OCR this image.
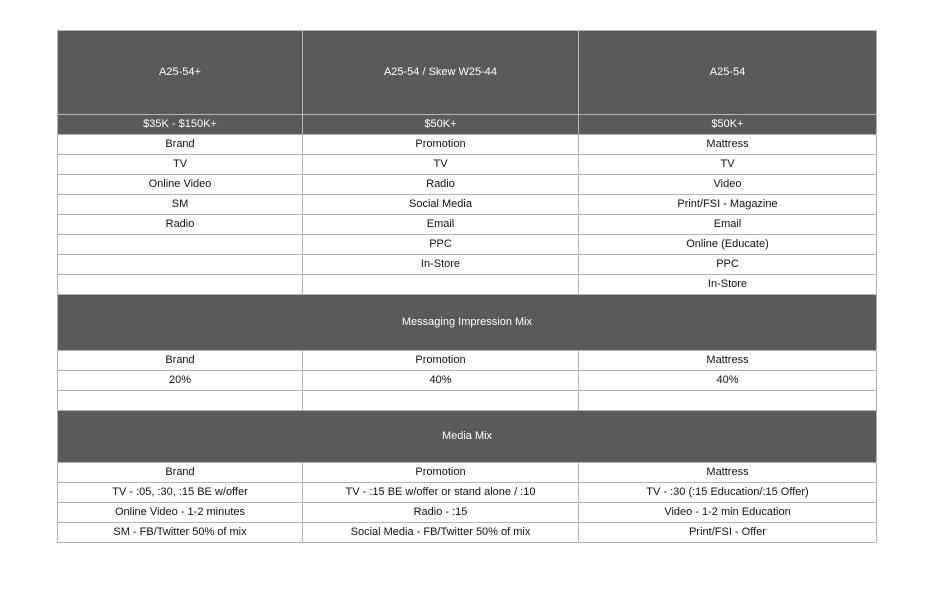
A25-54+	A25-54 / Skew W25-44	A25-54
$35K - $150K+	$50K+	$50K+
Brand	Promotion	Mattress
TV	TV	TV
Online Video	Radio	Video
SM	Social Media	Print/FSI - Magazine
Radio	Email	Email
	PPC	Online (Educate)
	In-Store	PPC
		In-Store
Messaging Impression Mix		
Brand	Promotion	Mattress
20%	40%	40%

Media Mix		
Brand	Promotion	Mattress
TV - :05, :30, :15 BE w/offer	TV - :15 BE w/offer or stand alone / :10	TV - :30 (:15 Education/:15 Offer)
Online Video - 1-2 minutes	Radio - :15	Video - 1-2 min Education
SM - FB/Twitter 50% of mix	Social Media - FB/Twitter 50% of mix	Print/FSI - Offer
